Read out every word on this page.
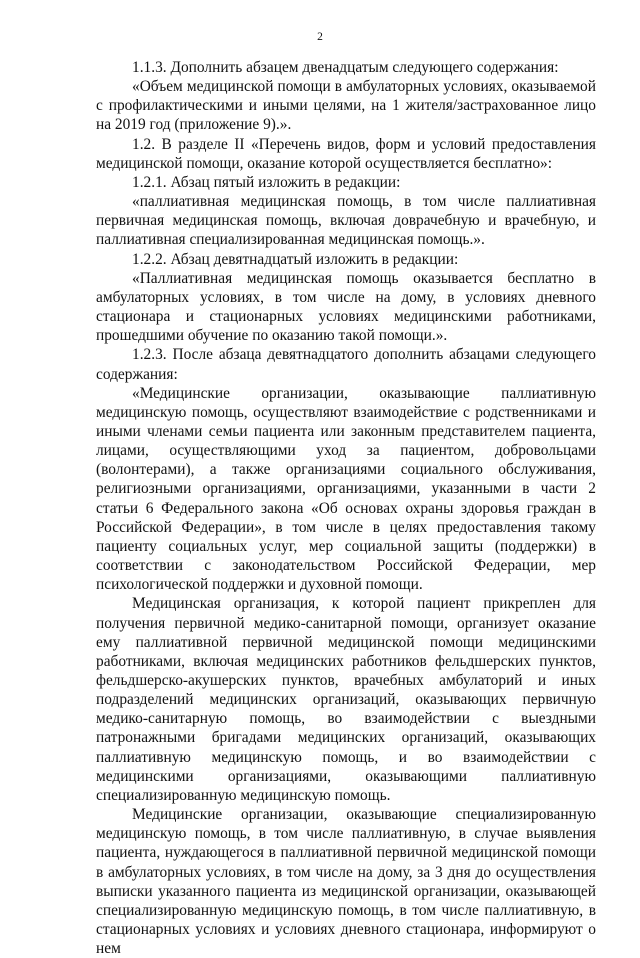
2

1.1.3. Дополнить абзацем двенадцатым следующего содержания:

«Объем медицинской помощи в амбулаторных условиях, оказываемой с профилактическими и иными целями, на 1 жителя/застрахованное лицо на 2019 год (приложение 9).».

1.2. В разделе II «Перечень видов, форм и условий предоставления медицинской помощи, оказание которой осуществляется бесплатно»:

1.2.1. Абзац пятый изложить в редакции:

«паллиативная медицинская помощь, в том числе паллиативная первичная медицинская помощь, включая доврачебную и врачебную, и паллиативная специализированная медицинская помощь.».

1.2.2. Абзац девятнадцатый изложить в редакции:

«Паллиативная медицинская помощь оказывается бесплатно в амбулаторных условиях, в том числе на дому, в условиях дневного стационара и стационарных условиях медицинскими работниками, прошедшими обучение по оказанию такой помощи.».

1.2.3. После абзаца девятнадцатого дополнить абзацами следующего содержания:

«Медицинские организации, оказывающие паллиативную медицинскую помощь, осуществляют взаимодействие с родственниками и иными членами семьи пациента или законным представителем пациента, лицами, осуществляющими уход за пациентом, добровольцами (волонтерами), а также организациями социального обслуживания, религиозными организациями, организациями, указанными в части 2 статьи 6 Федерального закона «Об основах охраны здоровья граждан в Российской Федерации», в том числе в целях предоставления такому пациенту социальных услуг, мер социальной защиты (поддержки) в соответствии с законодательством Российской Федерации, мер психологической поддержки и духовной помощи.

Медицинская организация, к которой пациент прикреплен для получения первичной медико-санитарной помощи, организует оказание ему паллиативной первичной медицинской помощи медицинскими работниками, включая медицинских работников фельдшерских пунктов, фельдшерско-акушерских пунктов, врачебных амбулаторий и иных подразделений медицинских организаций, оказывающих первичную медико-санитарную помощь, во взаимодействии с выездными патронажными бригадами медицинских организаций, оказывающих паллиативную медицинскую помощь, и во взаимодействии с медицинскими организациями, оказывающими паллиативную специализированную медицинскую помощь.

Медицинские организации, оказывающие специализированную медицинскую помощь, в том числе паллиативную, в случае выявления пациента, нуждающегося в паллиативной первичной медицинской помощи в амбулаторных условиях, в том числе на дому, за 3 дня до осуществления выписки указанного пациента из медицинской организации, оказывающей специализированную медицинскую помощь, в том числе паллиативную, в стационарных условиях и условиях дневного стационара, информируют о нем
